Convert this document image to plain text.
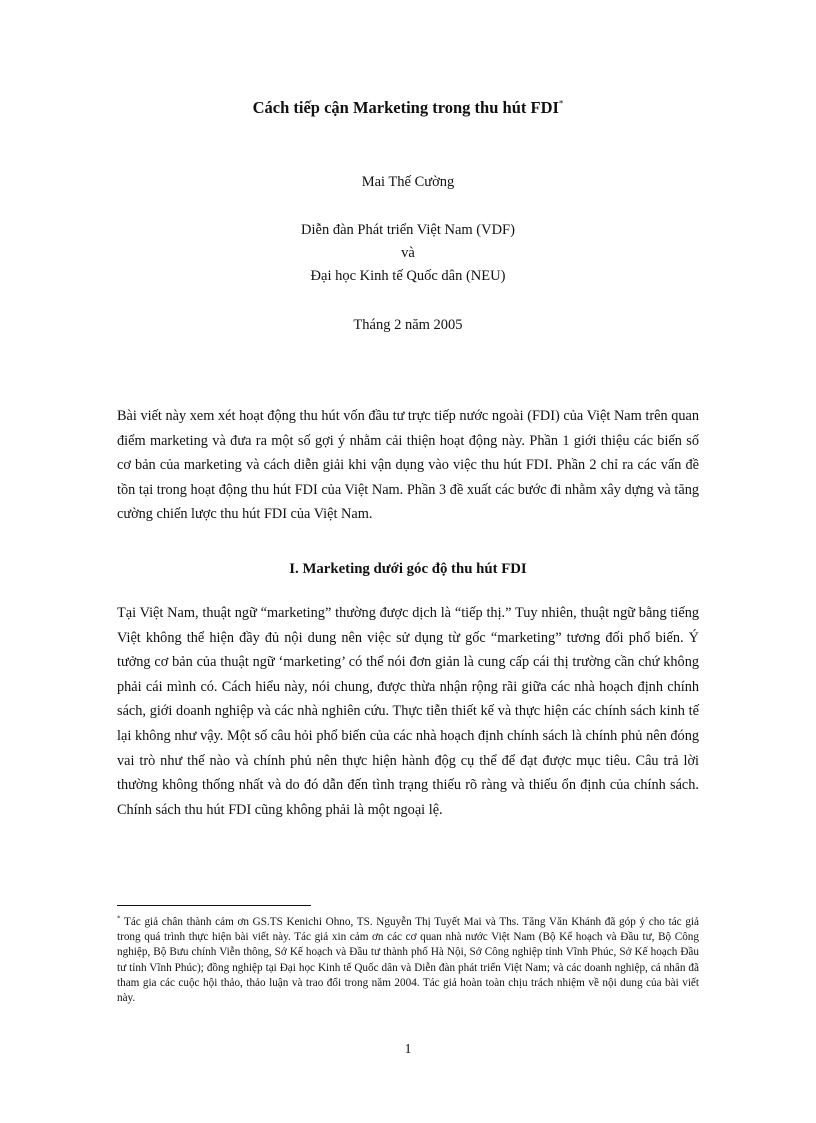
Cách tiếp cận Marketing trong thu hút FDI*
Mai Thế Cường
Diễn đàn Phát triển Việt Nam (VDF)
và
Đại học Kinh tế Quốc dân (NEU)
Tháng 2 năm 2005
Bài viết này xem xét hoạt động thu hút vốn đầu tư trực tiếp nước ngoài (FDI) của Việt Nam trên quan điểm marketing và đưa ra một số gợi ý nhằm cải thiện hoạt động này. Phần 1 giới thiệu các biến số cơ bản của marketing và cách diễn giải khi vận dụng vào việc thu hút FDI. Phần 2 chỉ ra các vấn đề tồn tại trong hoạt động thu hút FDI của Việt Nam. Phần 3 đề xuất các bước đi nhằm xây dựng và tăng cường chiến lược thu hút FDI của Việt Nam.
I. Marketing dưới góc độ thu hút FDI
Tại Việt Nam, thuật ngữ “marketing” thường được dịch là “tiếp thị.” Tuy nhiên, thuật ngữ bằng tiếng Việt không thể hiện đầy đủ nội dung nên việc sử dụng từ gốc “marketing” tương đối phổ biến. Ý tưởng cơ bản của thuật ngữ ‘marketing’ có thể nói đơn giản là cung cấp cái thị trường cần chứ không phải cái mình có. Cách hiểu này, nói chung, được thừa nhận rộng rãi giữa các nhà hoạch định chính sách, giới doanh nghiệp và các nhà nghiên cứu. Thực tiễn thiết kế và thực hiện các chính sách kinh tế lại không như vậy. Một số câu hỏi phổ biến của các nhà hoạch định chính sách là chính phủ nên đóng vai trò như thế nào và chính phủ nên thực hiện hành độg cụ thể để đạt được mục tiêu. Câu trả lời thường không thống nhất và do đó dẫn đến tình trạng thiếu rõ ràng và thiếu ổn định của chính sách. Chính sách thu hút FDI cũng không phải là một ngoại lệ.
* Tác giả chân thành cảm ơn GS.TS Kenichi Ohno, TS. Nguyễn Thị Tuyết Mai và Ths. Tăng Văn Khánh đã góp ý cho tác giả trong quá trình thực hiện bài viết này. Tác giả xin cảm ơn các cơ quan nhà nước Việt Nam (Bộ Kế hoạch và Đầu tư, Bộ Công nghiệp, Bộ Bưu chính Viễn thông, Sở Kế hoạch và Đầu tư thành phố Hà Nội, Sở Công nghiệp tỉnh Vĩnh Phúc, Sở Kế hoạch Đầu tư tỉnh Vĩnh Phúc); đồng nghiệp tại Đại học Kinh tế Quốc dân và Diễn đàn phát triển Việt Nam; và các doanh nghiệp, cá nhân đã tham gia các cuộc hội thảo, thảo luận và trao đổi trong năm 2004. Tác giả hoàn toàn chịu trách nhiệm về nội dung của bài viết này.
1
